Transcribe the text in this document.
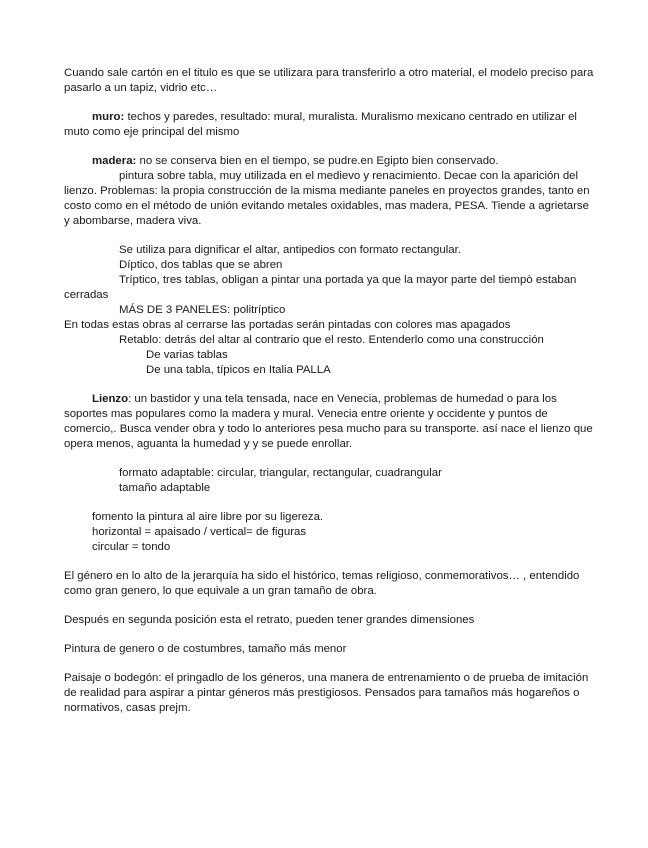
Cuando sale cartón en el titulo es que se utilizara para transferirlo a otro material, el modelo preciso para pasarlo a un tapiz, vidrio etc…

muro: techos y paredes, resultado: mural, muralista. Muralismo mexicano centrado en utilizar el muto como eje principal del mismo

madera: no se conserva bien en el tiempo, se pudre.en Egipto bien conservado.

pintura sobre tabla, muy utilizada en el medievo y renacimiento. Decae con la aparición del lienzo. Problemas: la propia construcción de la misma mediante paneles en proyectos grandes, tanto en costo como en el método de unión evitando metales oxidables, mas madera, PESA. Tiende a agrietarse y abombarse, madera viva.

Se utiliza para dignificar el altar, antipedios con formato rectangular.

Díptico, dos tablas que se abren

Tríptico, tres tablas, obligan a pintar una portada ya que la mayor parte del tiempò estaban cerradas

MÁS DE 3 PANELES: politríptico

En todas estas obras al cerrarse las portadas serán pintadas con colores mas apagados

Retablo: detrás del altar al contrario que el resto. Entenderlo como una construcción

De varias tablas

De una tabla, típicos en Italia PALLA

Lienzo: un bastidor y una tela tensada, nace en Venecia, problemas de humedad o para los soportes mas populares como la madera y mural. Venecia entre oriente y occidente y puntos de comercio,. Busca vender obra y todo lo anteriores pesa mucho para su transporte. así nace el lienzo que opera menos, aguanta la humedad y y se puede enrollar.

formato adaptable: circular, triangular, rectangular, cuadrangular

tamaño adaptable

fomento la pintura al aire libre por su ligereza.

horizontal = apaisado / vertical= de figuras

circular = tondo

El género en lo alto de la jerarquía ha sido el histórico, temas religioso, conmemorativos… , entendido como gran genero, lo que equivale a un gran tamaño de obra.

Después en segunda posición esta el retrato, pueden tener grandes dimensiones

Pintura de genero o de costumbres, tamaño más menor

Paisaje o bodegón: el pringadlo de los géneros, una manera de entrenamiento o de prueba de imitación de realidad para aspirar a pintar géneros más prestigiosos. Pensados para tamaños más hogareños o normativos, casas prejm.
